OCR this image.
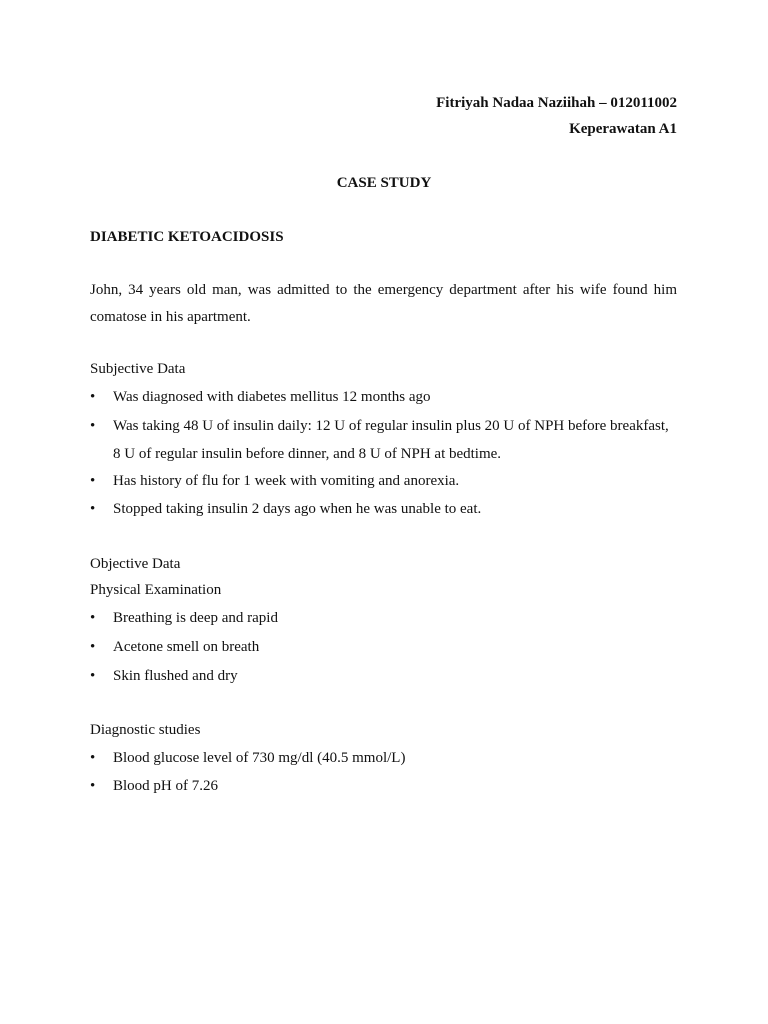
Fitriyah Nadaa Naziihah – 012011002
Keperawatan A1
CASE STUDY
DIABETIC KETOACIDOSIS
John, 34 years old man, was admitted to the emergency department after his wife found him comatose in his apartment.
Subjective Data
•	Was diagnosed with diabetes mellitus 12 months ago
•	Was taking 48 U of insulin daily: 12 U of regular insulin plus 20 U of NPH before breakfast, 8 U of regular insulin before dinner, and 8 U of NPH at bedtime.
•	Has history of flu for 1 week with vomiting and anorexia.
•	Stopped taking insulin 2 days ago when he was unable to eat.
Objective Data
Physical Examination
•	Breathing is deep and rapid
•	Acetone smell on breath
•	Skin flushed and dry
Diagnostic studies
•	Blood glucose level of 730 mg/dl (40.5 mmol/L)
•	Blood pH of 7.26
